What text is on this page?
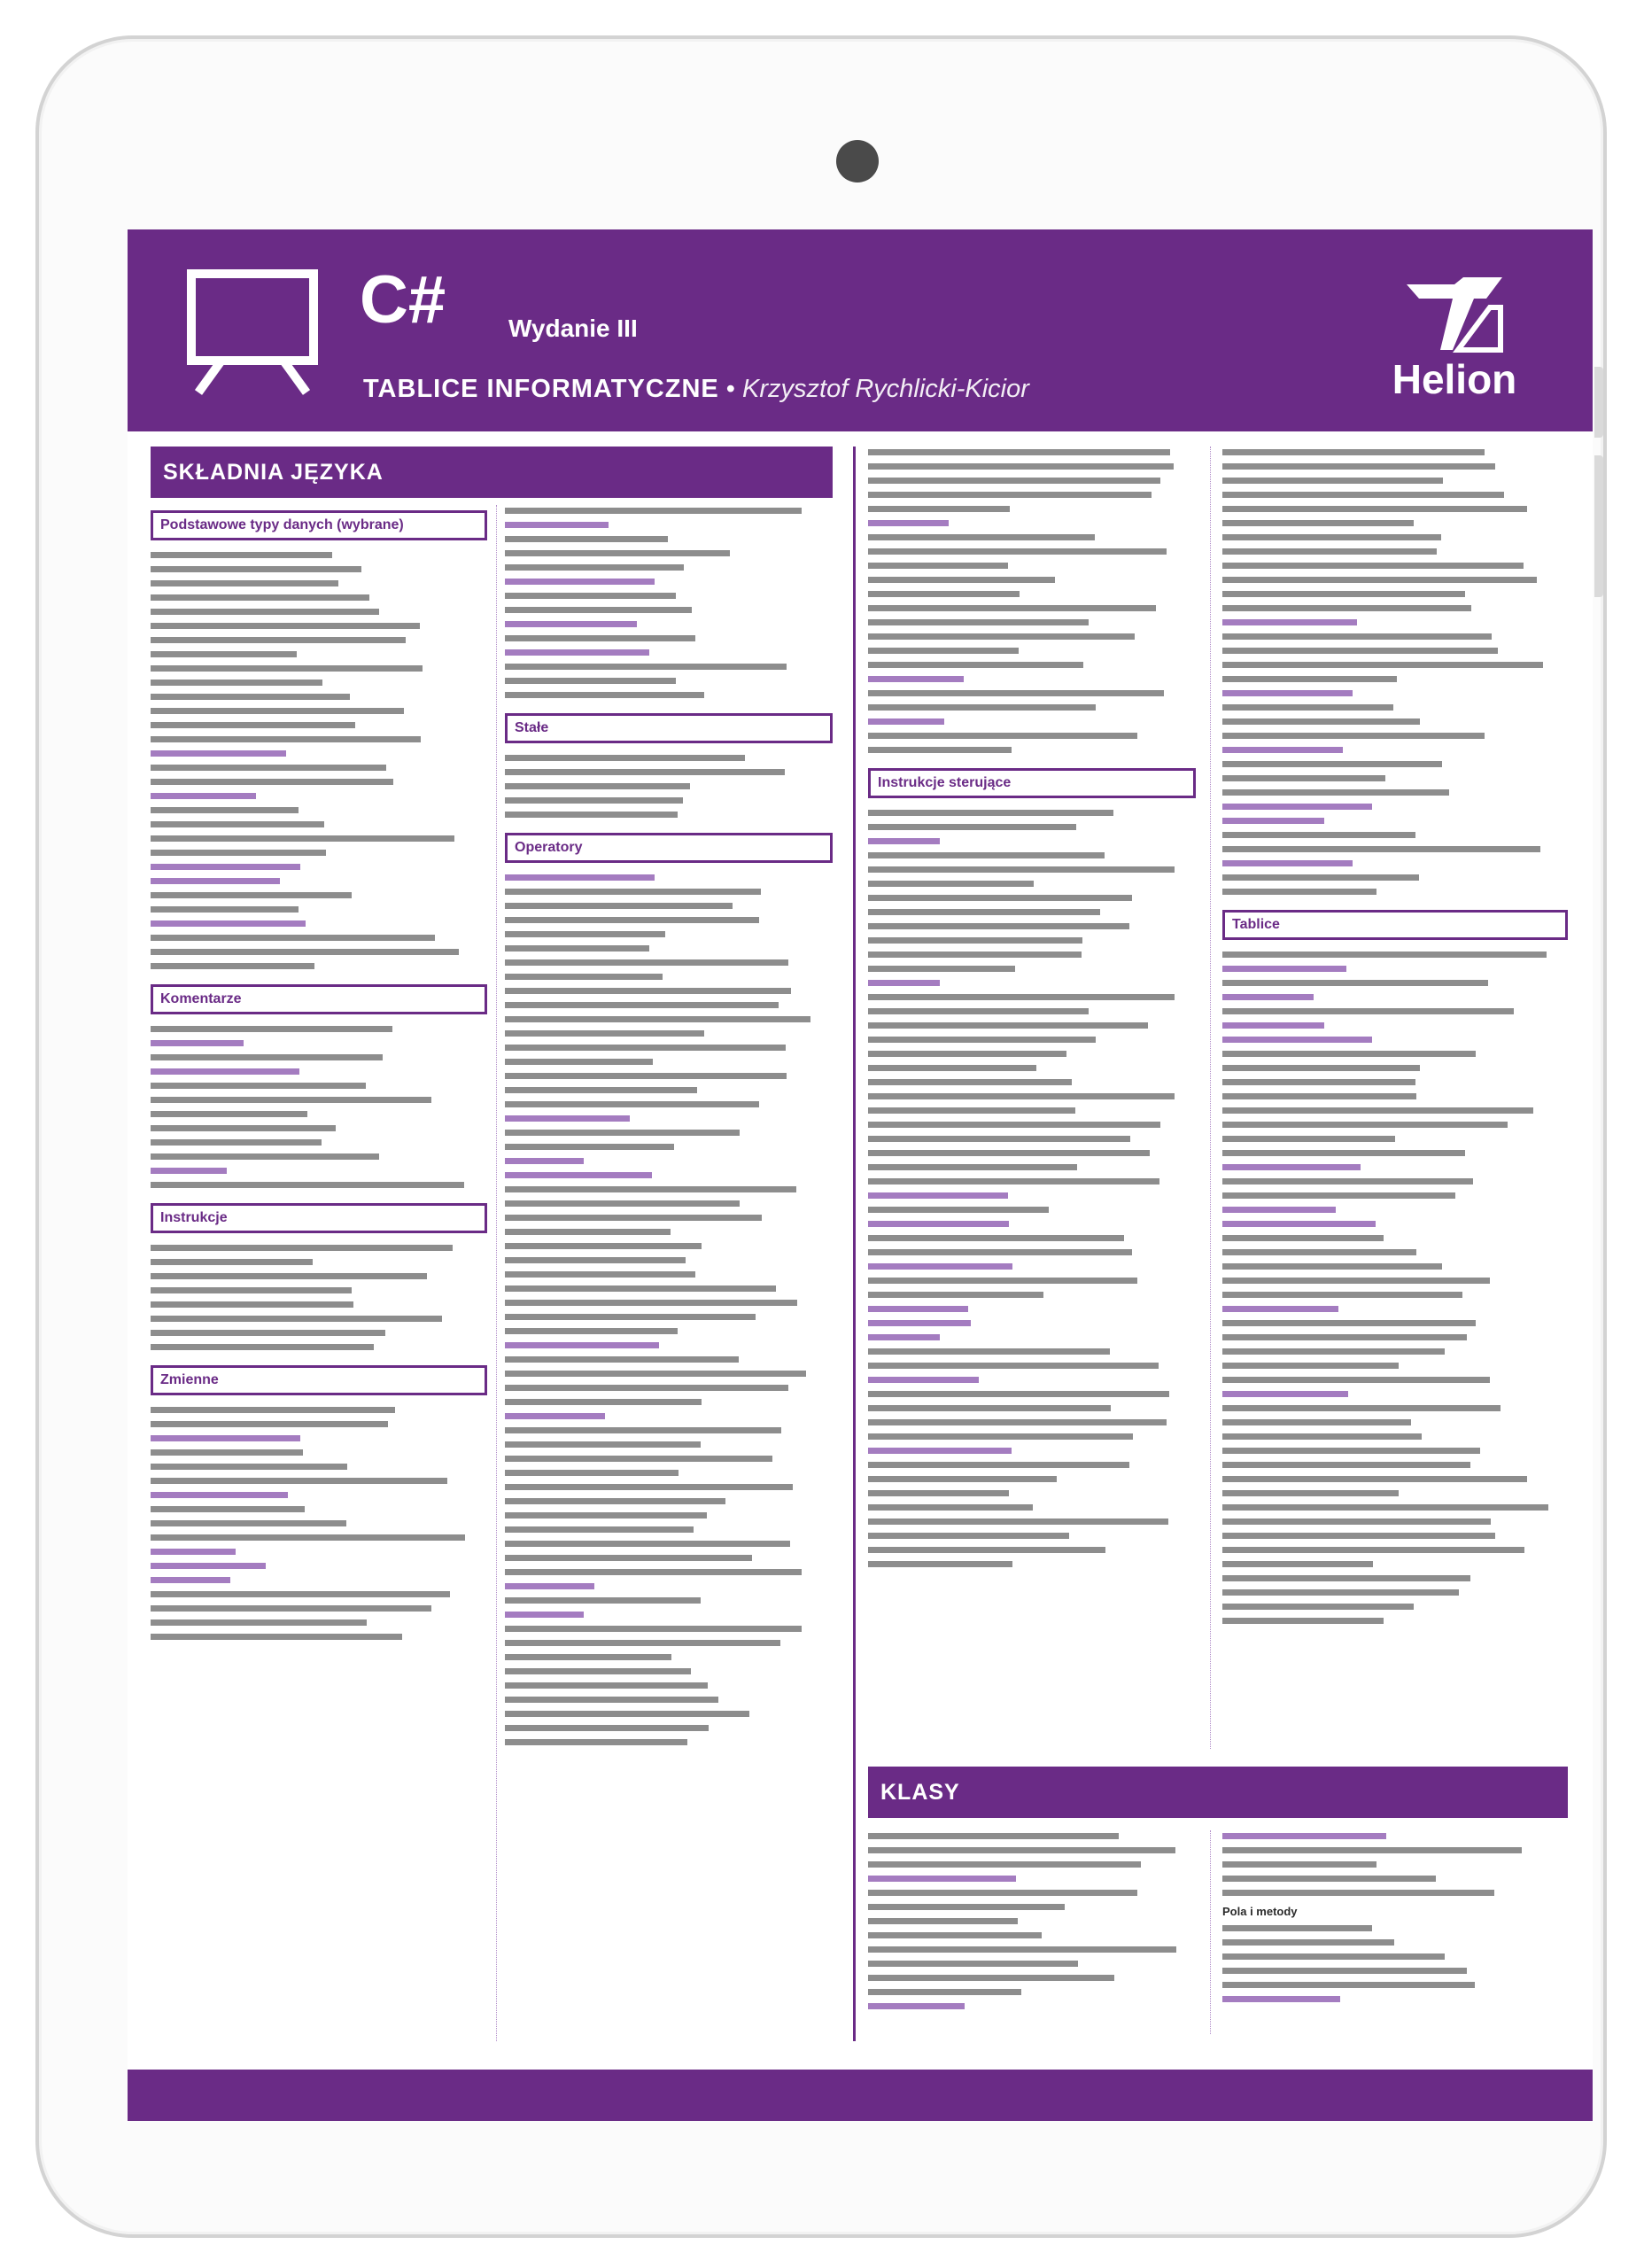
C#	Wydanie III
TABLICE INFORMATYCZNE • Krzysztof Rychlicki-Kicior	Helion
SKŁADNIA JĘZYKA
Podstawowe typy danych (wybrane)
Komentarze
Instrukcje
Zmienne
Stałe
Operatory
Instrukcje sterujące
Tablice
KLASY
Pola i metody
